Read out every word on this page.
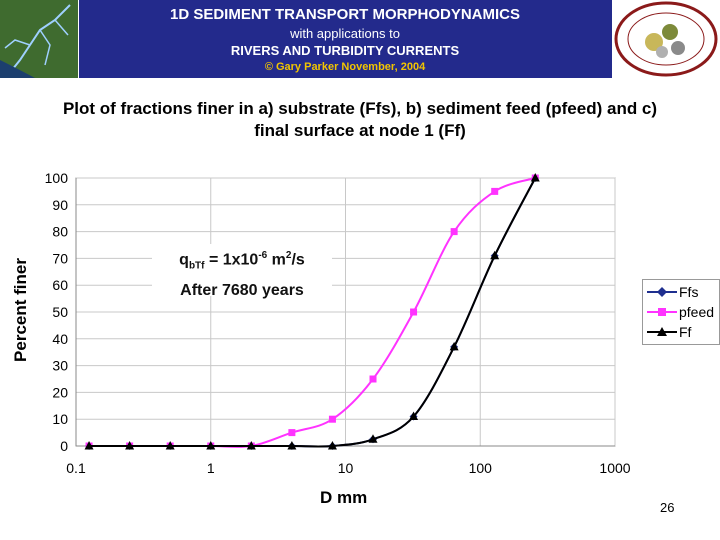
1D SEDIMENT TRANSPORT MORPHODYNAMICS
with applications to
RIVERS AND TURBIDITY CURRENTS
© Gary Parker November, 2004
Plot of fractions finer in a) substrate (Ffs), b) sediment feed (pfeed) and c) final surface at node 1 (Ff)
0
10
20
30
40
50
60
70
80
90
100
0.1	1	10	100	1000
$q_{bTf} = 1x10^{-6}$ $m^2/s$
After 7680 years	Ffs
pfeed
Ff
Percent finer
D mm
26
